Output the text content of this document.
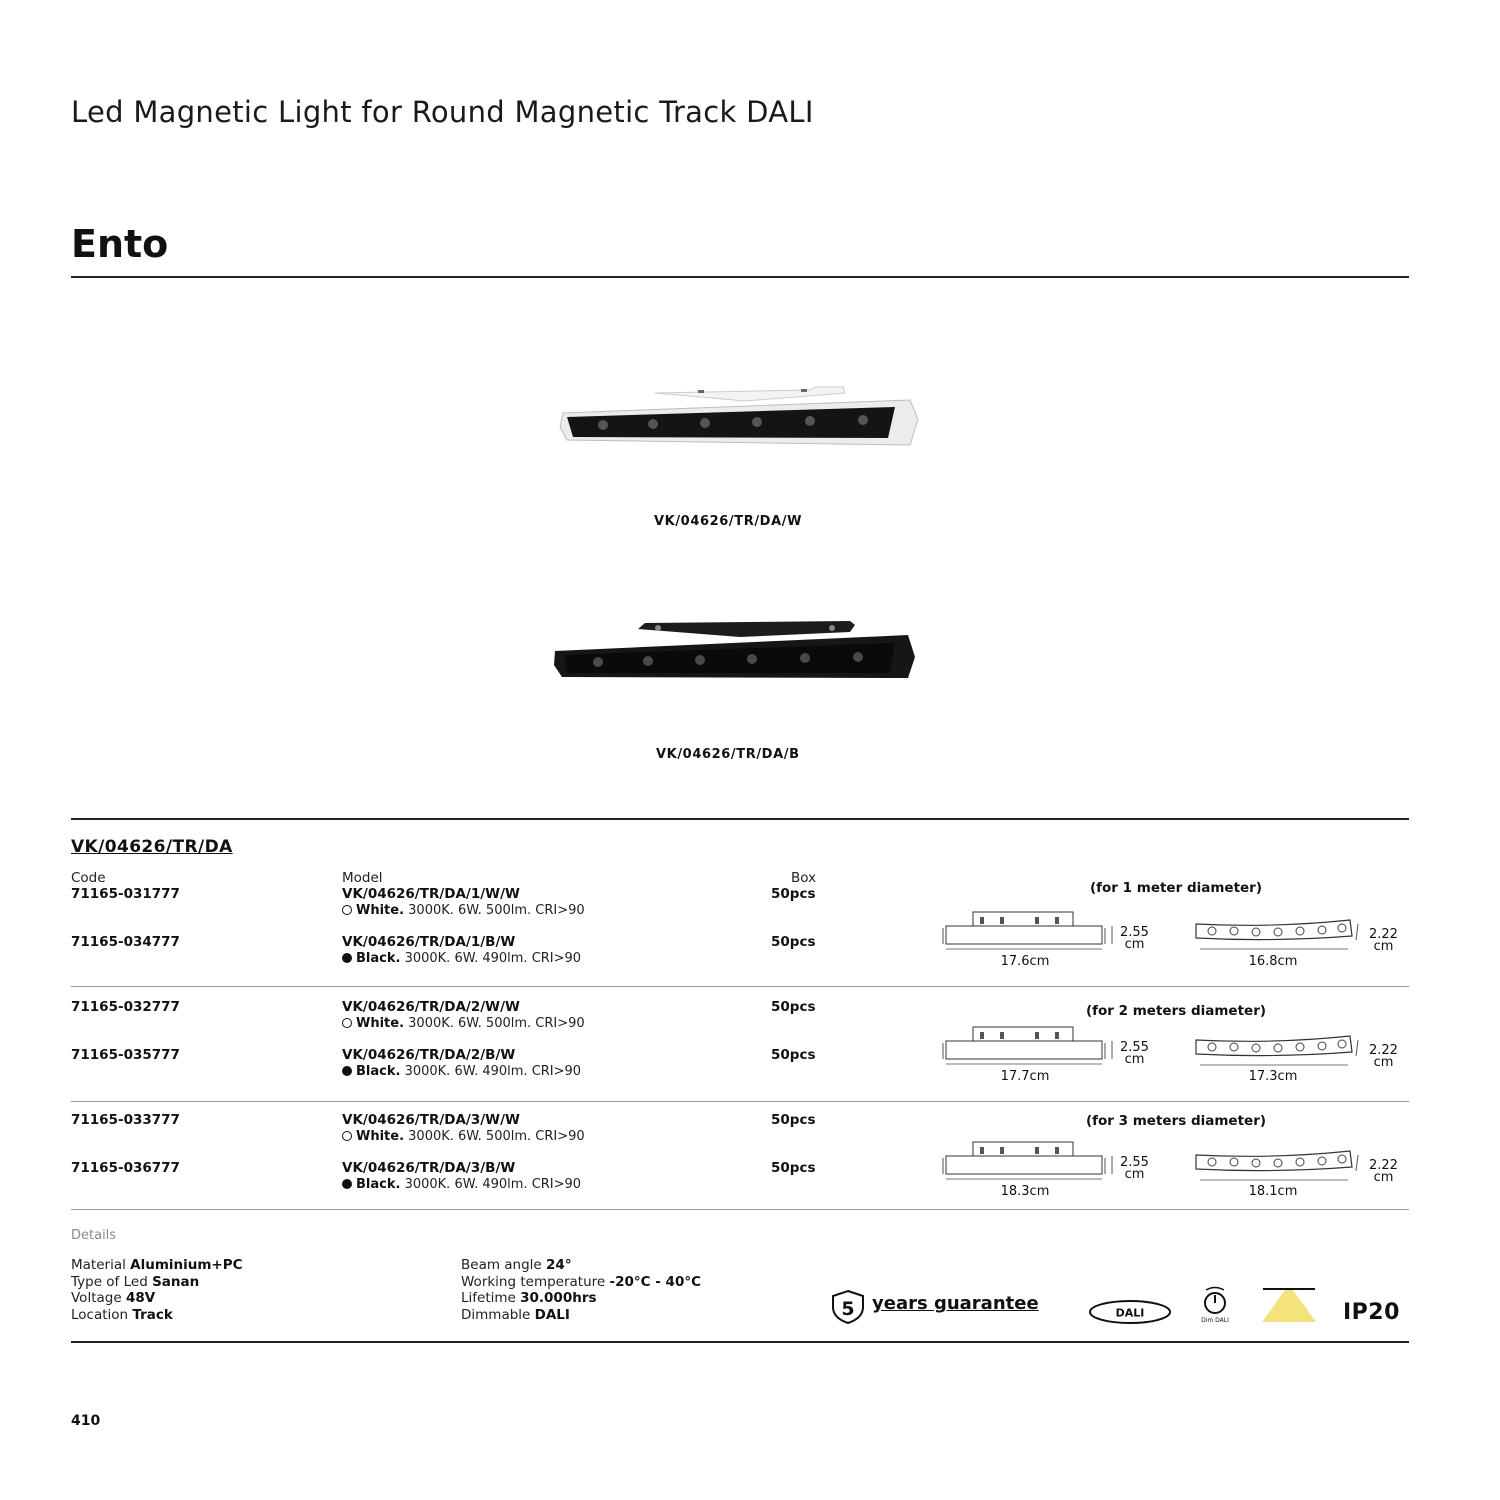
Led Magnetic Light for Round Magnetic Track DALI
Ento
VK/04626/TR/DA/W
VK/04626/TR/DA/B
VK/04626/TR/DA
Code	Model	Box
71165-031777	VK/04626/TR/DA/1/W/W
White. 3000K. 6W. 500lm. CRI>90
50pcs
71165-034777	VK/04626/TR/DA/1/B/W
Black. 3000K. 6W. 490lm. CRI>90
50pcs
(for 1 meter diameter)
2.55
cm
17.6cm
2.22
cm
16.8cm
71165-032777	VK/04626/TR/DA/2/W/W
White. 3000K. 6W. 500lm. CRI>90
50pcs
71165-035777	VK/04626/TR/DA/2/B/W
Black. 3000K. 6W. 490lm. CRI>90
50pcs
(for 2 meters diameter)
2.55
cm
17.7cm
2.22
cm
17.3cm
71165-033777	VK/04626/TR/DA/3/W/W
White. 3000K. 6W. 500lm. CRI>90
50pcs
71165-036777	VK/04626/TR/DA/3/B/W
Black. 3000K. 6W. 490lm. CRI>90
50pcs
(for 3 meters diameter)
2.55
cm
18.3cm
2.22
cm
18.1cm
Details
Material Aluminium+PC
Type of Led Sanan
Voltage 48V
Location Track
Beam angle 24°
Working temperature -20°C - 40°C
Lifetime 30.000hrs
Dimmable DALI	5 years guarantee	DALI
Dim DALI	IP20
410
